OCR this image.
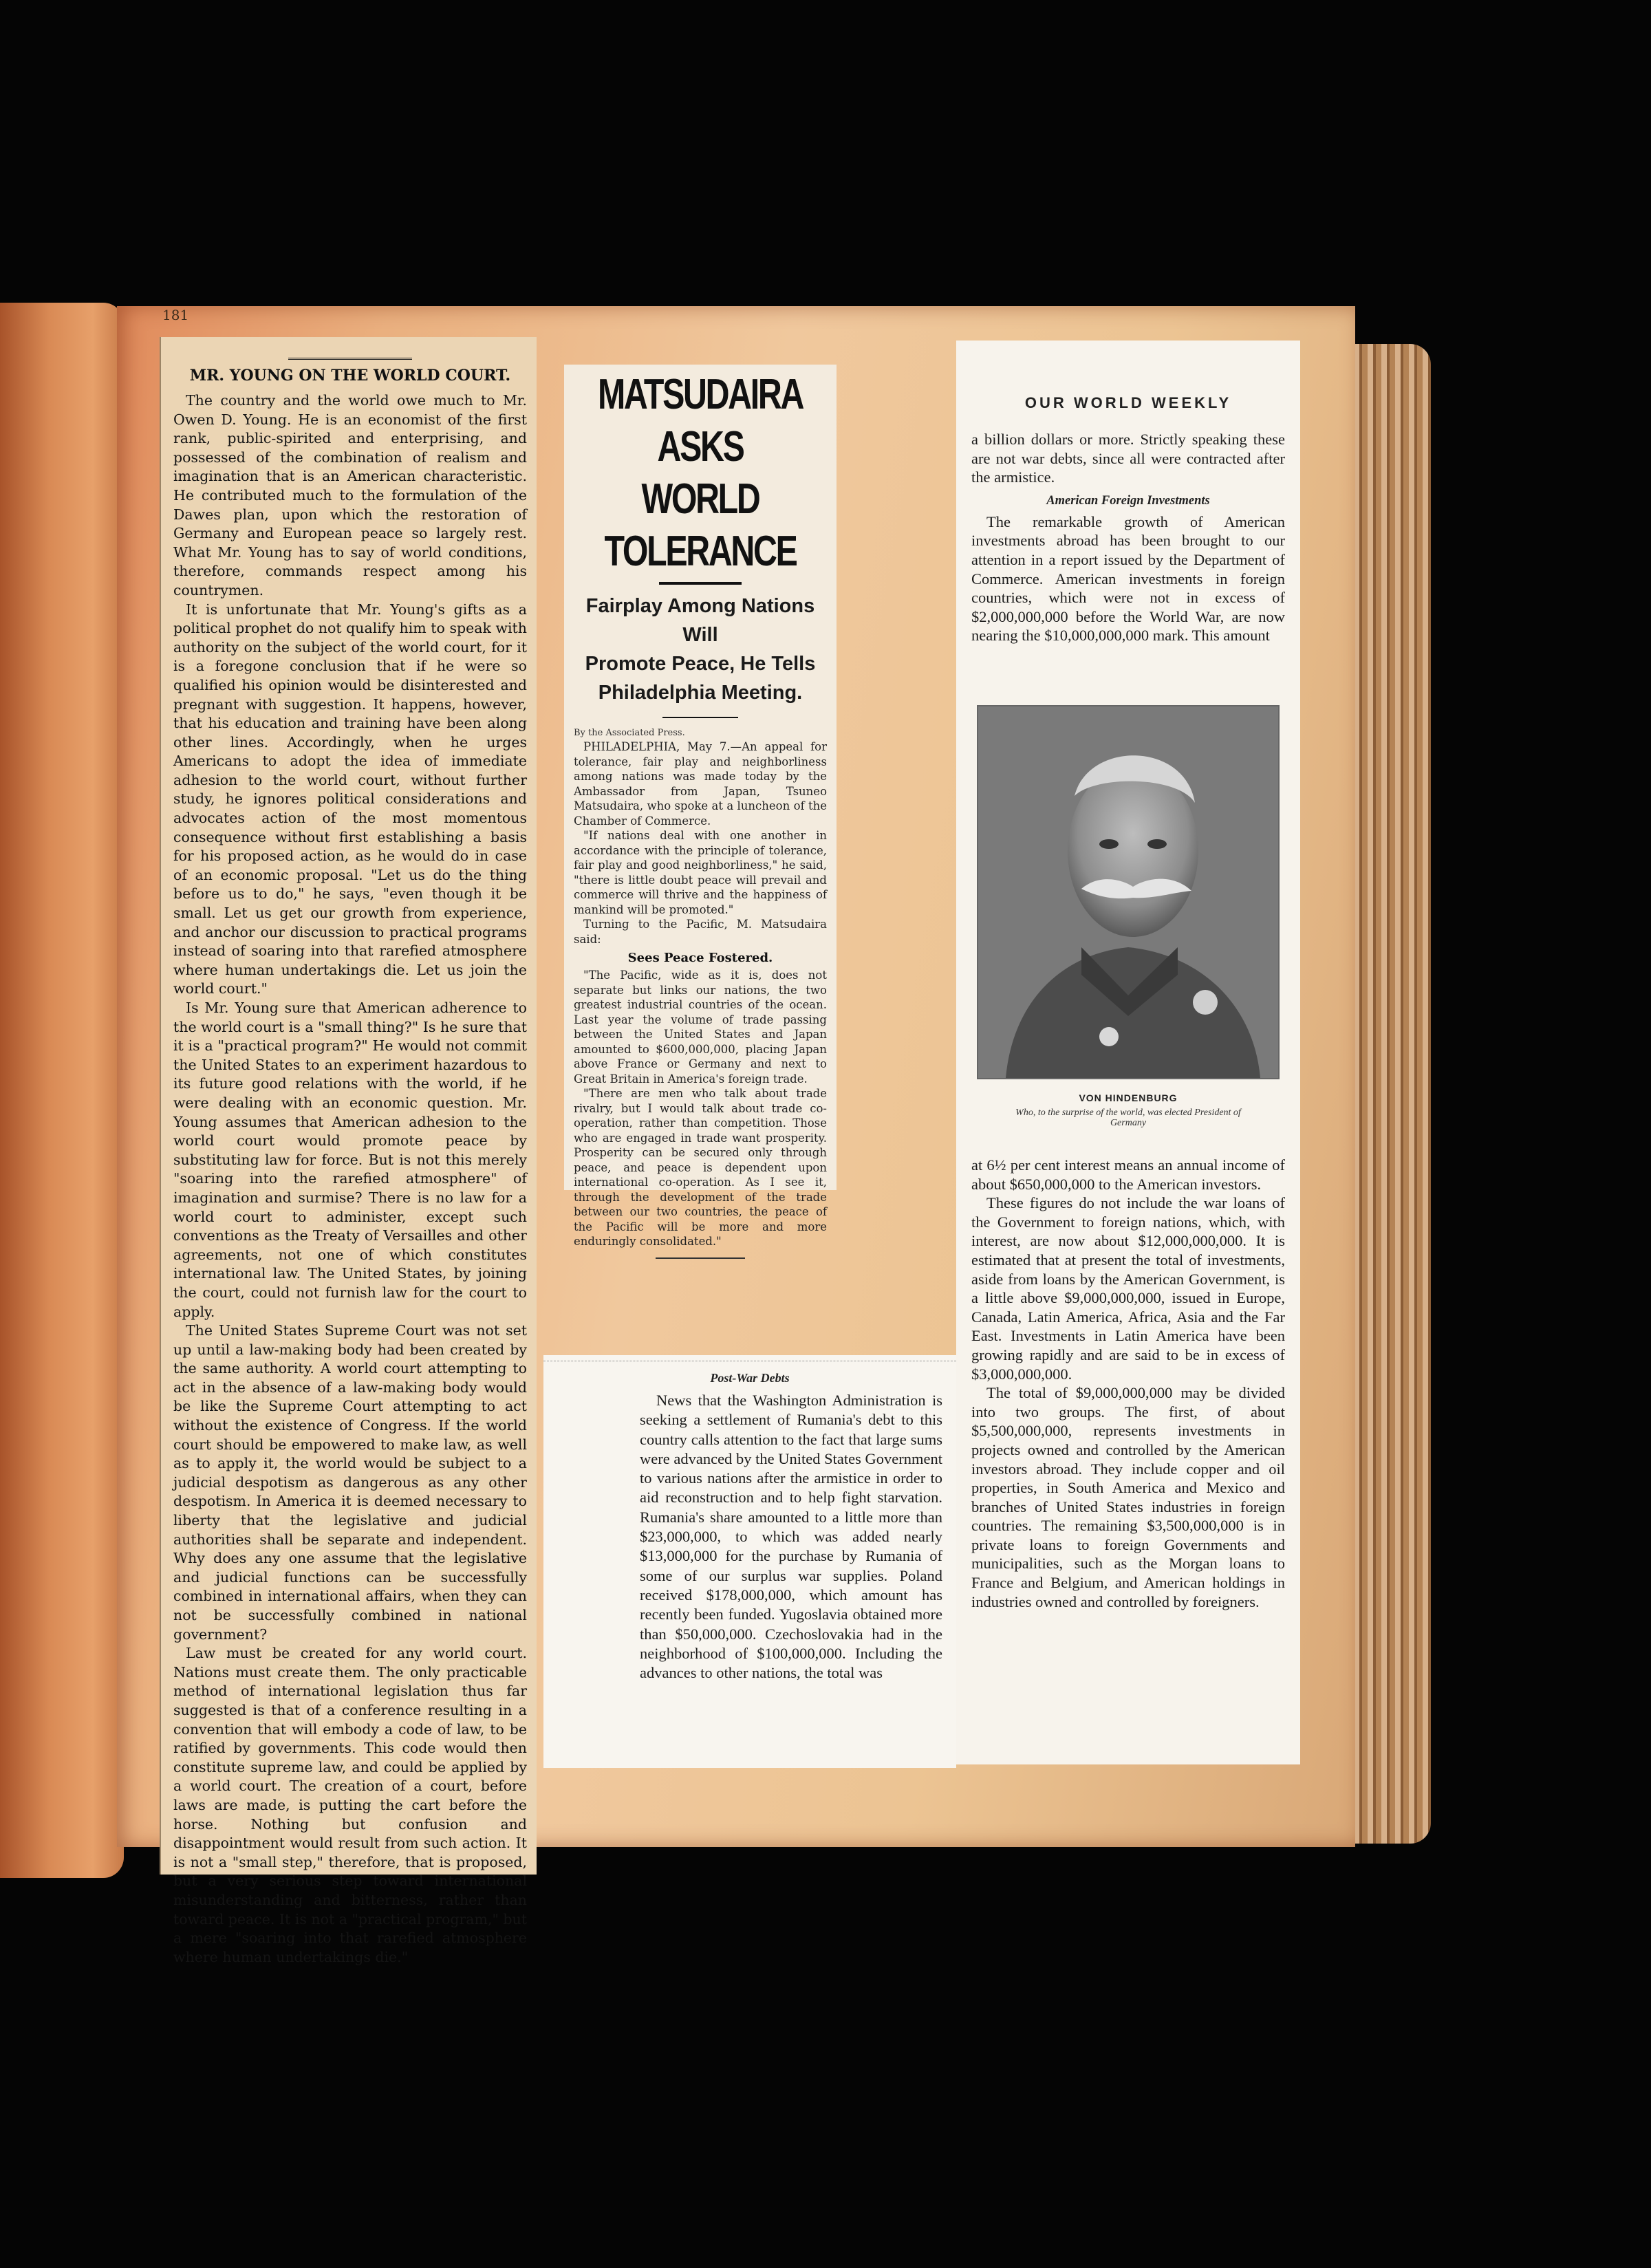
181
MR. YOUNG ON THE WORLD COURT.

The country and the world owe much to Mr. Owen D. Young. He is an economist of the first rank, public-spirited and enterprising, and possessed of the combination of realism and imagination that is an American characteristic. He contributed much to the formulation of the Dawes plan, upon which the restoration of Germany and European peace so largely rest. What Mr. Young has to say of world conditions, therefore, commands respect among his countrymen.

It is unfortunate that Mr. Young's gifts as a political prophet do not qualify him to speak with authority on the subject of the world court, for it is a foregone conclusion that if he were so qualified his opinion would be disinterested and pregnant with suggestion. It happens, however, that his education and training have been along other lines. Accordingly, when he urges Americans to adopt the idea of immediate adhesion to the world court, without further study, he ignores political considerations and advocates action of the most momentous consequence without first establishing a basis for his proposed action, as he would do in case of an economic proposal. "Let us do the thing before us to do," he says, "even though it be small. Let us get our growth from experience, and anchor our discussion to practical programs instead of soaring into that rarefied atmosphere where human undertakings die. Let us join the world court."

Is Mr. Young sure that American adherence to the world court is a "small thing?" Is he sure that it is a "practical program?" He would not commit the United States to an experiment hazardous to its future good relations with the world, if he were dealing with an economic question. Mr. Young assumes that American adhesion to the world court would promote peace by substituting law for force. But is not this merely "soaring into the rarefied atmosphere" of imagination and surmise? There is no law for a world court to administer, except such conventions as the Treaty of Versailles and other agreements, not one of which constitutes international law. The United States, by joining the court, could not furnish law for the court to apply.

The United States Supreme Court was not set up until a law-making body had been created by the same authority. A world court attempting to act in the absence of a law-making body would be like the Supreme Court attempting to act without the existence of Congress. If the world court should be empowered to make law, as well as to apply it, the world would be subject to a judicial despotism as dangerous as any other despotism. In America it is deemed necessary to liberty that the legislative and judicial authorities shall be separate and independent. Why does any one assume that the legislative and judicial functions can be successfully combined in international affairs, when they can not be successfully combined in national government?

Law must be created for any world court. Nations must create them. The only practicable method of international legislation thus far suggested is that of a conference resulting in a convention that will embody a code of law, to be ratified by governments. This code would then constitute supreme law, and could be applied by a world court. The creation of a court, before laws are made, is putting the cart before the horse. Nothing but confusion and disappointment would result from such action. It is not a "small step," therefore, that is proposed, but a very serious step toward international misunderstanding and bitterness, rather than toward peace. It is not a "practical program," but a mere "soaring into that rarefied atmosphere where human undertakings die."

MATSUDAIRA ASKS
WORLD TOLERANCE
Fairplay Among Nations Will
Promote Peace, He Tells
Philadelphia Meeting.
By the Associated Press.

PHILADELPHIA, May 7.—An appeal for tolerance, fair play and neighborliness among nations was made today by the Ambassador from Japan, Tsuneo Matsudaira, who spoke at a luncheon of the Chamber of Commerce.

"If nations deal with one another in accordance with the principle of tolerance, fair play and good neighborliness," he said, "there is little doubt peace will prevail and commerce will thrive and the happiness of mankind will be promoted."

Turning to the Pacific, M. Matsudaira said:

Sees Peace Fostered.

"The Pacific, wide as it is, does not separate but links our nations, the two greatest industrial countries of the ocean. Last year the volume of trade passing between the United States and Japan amounted to $600,000,000, placing Japan above France or Germany and next to Great Britain in America's foreign trade.

"There are men who talk about trade rivalry, but I would talk about trade co-operation, rather than competition. Those who are engaged in trade want prosperity. Prosperity can be secured only through peace, and peace is dependent upon international co-operation. As I see it, through the development of the trade between our two countries, the peace of the Pacific will be more and more enduringly consolidated."

Post-War Debts

News that the Washington Administration is seeking a settlement of Rumania's debt to this country calls attention to the fact that large sums were advanced by the United States Government to various nations after the armistice in order to aid reconstruction and to help fight starvation. Rumania's share amounted to a little more than $23,000,000, to which was added nearly $13,000,000 for the purchase by Rumania of some of our surplus war supplies. Poland received $178,000,000, which amount has recently been funded. Yugoslavia obtained more than $50,000,000. Czechoslovakia had in the neighborhood of $100,000,000. Including the advances to other nations, the total was

OUR WORLD WEEKLY

a billion dollars or more. Strictly speaking these are not war debts, since all were contracted after the armistice.

American Foreign Investments

The remarkable growth of American investments abroad has been brought to our attention in a report issued by the Department of Commerce. American investments in foreign countries, which were not in excess of $2,000,000,000 before the World War, are now nearing the $10,000,000,000 mark. This amount

VON HINDENBURG
Who, to the surprise of the world, was elected President of Germany

at 6½ per cent interest means an annual income of about $650,000,000 to the American investors.

These figures do not include the war loans of the Government to foreign nations, which, with interest, are now about $12,000,000,000. It is estimated that at present the total of investments, aside from loans by the American Government, is a little above $9,000,000,000, issued in Europe, Canada, Latin America, Africa, Asia and the Far East. Investments in Latin America have been growing rapidly and are said to be in excess of $3,000,000,000.

The total of $9,000,000,000 may be divided into two groups. The first, of about $5,500,000,000, represents investments in projects owned and controlled by the American investors abroad. They include copper and oil properties, in South America and Mexico and branches of United States industries in foreign countries. The remaining $3,500,000,000 is in private loans to foreign Governments and municipalities, such as the Morgan loans to France and Belgium, and American holdings in industries owned and controlled by foreigners.
